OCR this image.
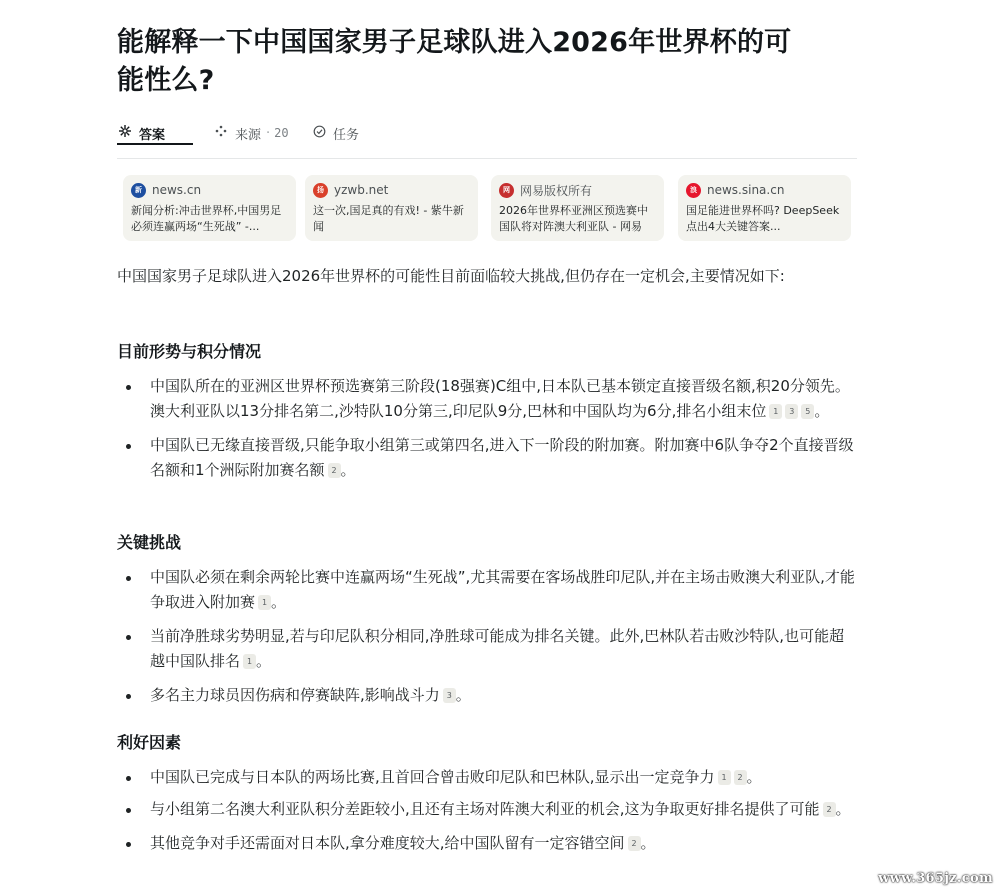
能解释一下中国国家男子足球队进入2026年世界杯的可能性么?
答案	来源 · 20	任务
新 news.cn
新闻分析:冲击世界杯,中国男足必须连赢两场“生死战” -...
扬 yzwb.net
这一次,国足真的有戏! - 紫牛新闻
网 网易版权所有
2026年世界杯亚洲区预选赛中国队将对阵澳大利亚队 - 网易
浪 news.sina.cn
国足能进世界杯吗? DeepSeek点出4大关键答案...

中国国家男子足球队进入2026年世界杯的可能性目前面临较大挑战,但仍存在一定机会,主要情况如下:

目前形势与积分情况
中国队所在的亚洲区世界杯预选赛第三阶段(18强赛)C组中,日本队已基本锁定直接晋级名额,积20分领先。澳大利亚队以13分排名第二,沙特队10分第三,印尼队9分,巴林和中国队均为6分,排名小组末位 1 3 5 。
中国队已无缘直接晋级,只能争取小组第三或第四名,进入下一阶段的附加赛。附加赛中6队争夺2个直接晋级名额和1个洲际附加赛名额 2 。
关键挑战
中国队必须在剩余两轮比赛中连赢两场“生死战”,尤其需要在客场战胜印尼队,并在主场击败澳大利亚队,才能争取进入附加赛 1 。
当前净胜球劣势明显,若与印尼队积分相同,净胜球可能成为排名关键。此外,巴林队若击败沙特队,也可能超越中国队排名 1 。
多名主力球员因伤病和停赛缺阵,影响战斗力 3 。
利好因素
中国队已完成与日本队的两场比赛,且首回合曾击败印尼队和巴林队,显示出一定竞争力 1 2 。
与小组第二名澳大利亚队积分差距较小,且还有主场对阵澳大利亚的机会,这为争取更好排名提供了可能 2 。
其他竞争对手还需面对日本队,拿分难度较大,给中国队留有一定容错空间 2 。
www.365jz.com
